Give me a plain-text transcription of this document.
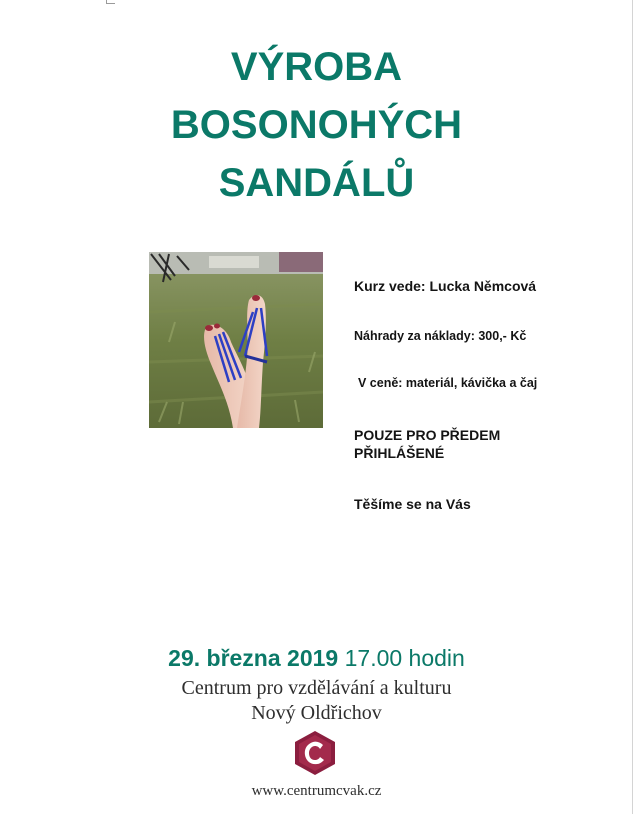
VÝROBA
BOSONOHÝCH
SANDÁLŮ
Kurz vede: Lucka Němcová
Náhrady za náklady: 300,- Kč
V ceně: materiál, kávička a čaj
POUZE PRO PŘEDEM
PŘIHLÁŠENÉ
Těšíme se na Vás
29. března 2019 17.00 hodin
Centrum pro vzdělávání a kulturu
Nový Oldřichov
www.centrumcvak.cz
